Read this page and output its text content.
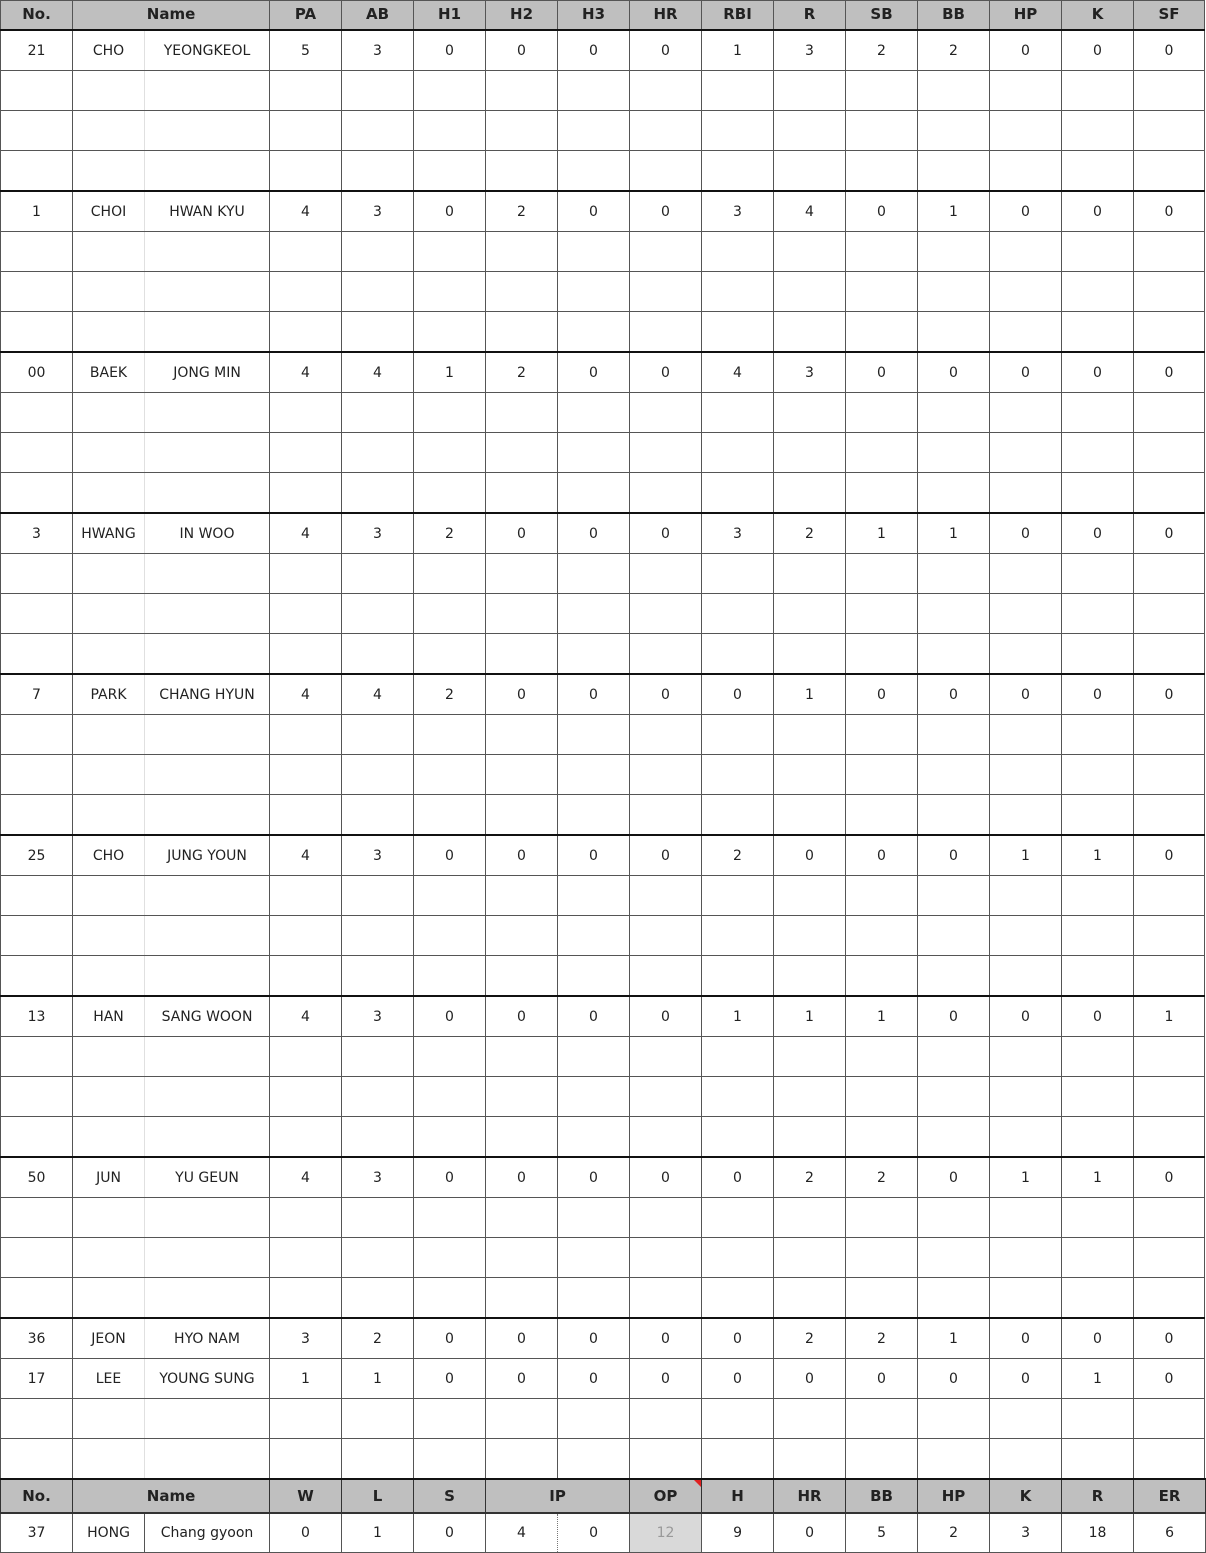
No.	Name		PA	AB	H1	H2	H3	HR	RBI	R	SB	BB	HP	K	SF
21	CHO	YEONGKEOL	5	3	0	0	0	0	1	3	2	2	0	0	0

1	CHOI	HWAN KYU	4	3	0	2	0	0	3	4	0	1	0	0	0

00	BAEK	JONG MIN	4	4	1	2	0	0	4	3	0	0	0	0	0

3	HWANG	IN WOO	4	3	2	0	0	0	3	2	1	1	0	0	0

7	PARK	CHANG HYUN	4	4	2	0	0	0	0	1	0	0	0	0	0

25	CHO	JUNG YOUN	4	3	0	0	0	0	2	0	0	0	1	1	0

13	HAN	SANG WOON	4	3	0	0	0	0	1	1	1	0	0	0	1

50	JUN	YU GEUN	4	3	0	0	0	0	0	2	2	0	1	1	0

36	JEON	HYO NAM	3	2	0	0	0	0	0	2	2	1	0	0	0
17	LEE	YOUNG SUNG	1	1	0	0	0	0	0	0	0	0	0	1	0

No.	Name		W	L	S	IP		OP	H	HR	BB	HP	K	R	ER
37	HONG	Chang gyoon	0	1	0	4	0	12	9	0	5	2	3	18	6
